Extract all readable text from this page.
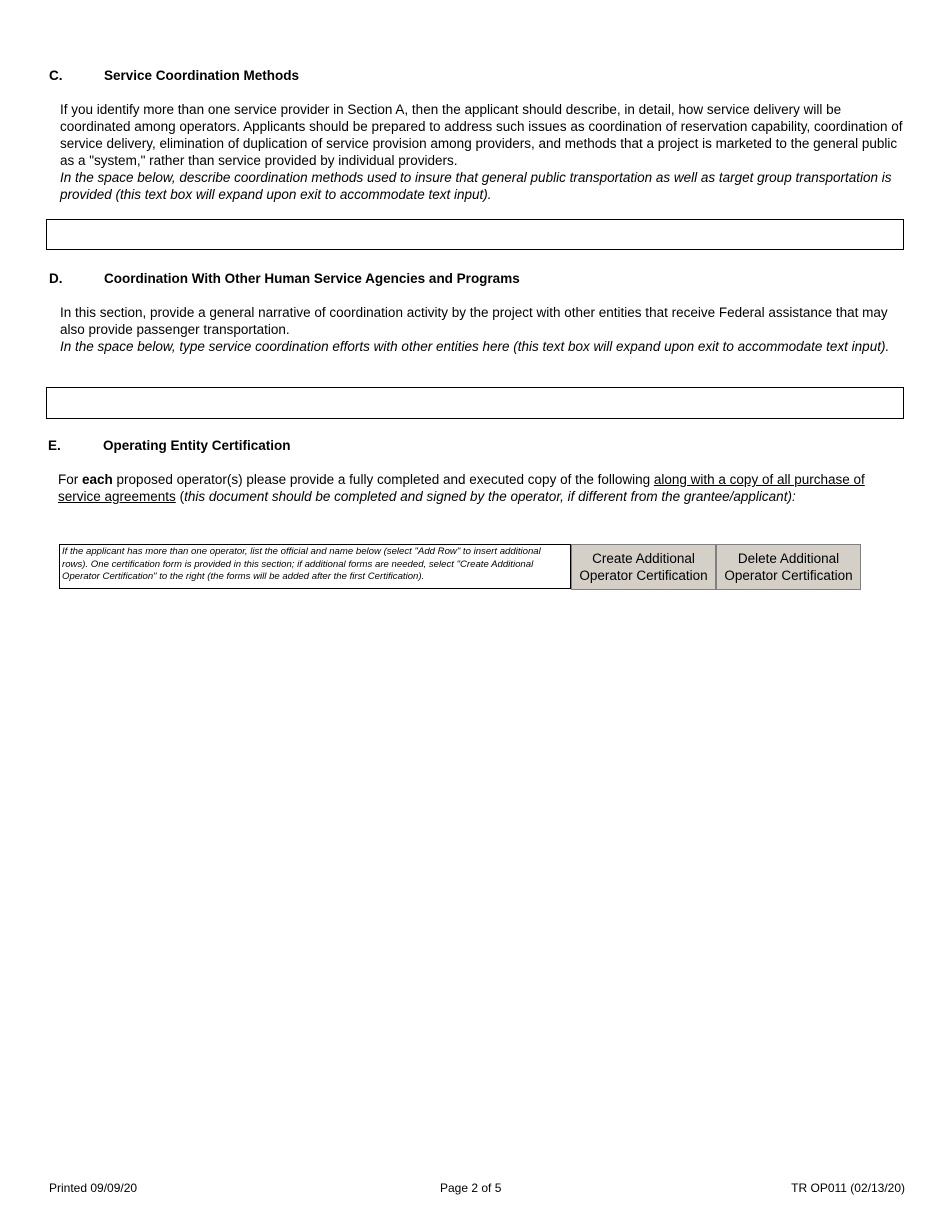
C.	Service Coordination Methods
If you identify more than one service provider in Section A, then the applicant should describe, in detail, how service delivery will be coordinated among operators. Applicants should be prepared to address such issues as coordination of reservation capability, coordination of service delivery, elimination of duplication of service provision among providers, and methods that a project is marketed to the general public as a "system," rather than service provided by individual providers.
In the space below, describe coordination methods used to insure that general public transportation as well as target group transportation is provided (this text box will expand upon exit to accommodate text input).
D.	Coordination With Other Human Service Agencies and Programs
In this section, provide a general narrative of coordination activity by the project with other entities that receive Federal assistance that may also provide passenger transportation.
In the space below, type service coordination efforts with other entities here (this text box will expand upon exit to accommodate text input).
E.	Operating Entity Certification
For each proposed operator(s) please provide a fully completed and executed copy of the following along with a copy of all purchase of service agreements (this document should be completed and signed by the operator, if different from the grantee/applicant):
If the applicant has more than one operator, list the official and name below (select "Add Row" to insert additional rows). One certification form is provided in this section; if additional forms are needed, select "Create Additional Operator Certification" to the right (the forms will be added after the first Certification).
Create Additional
Operator Certification
Delete Additional
Operator Certification
Printed 09/09/20	Page 2 of 5	TR OP011 (02/13/20)
